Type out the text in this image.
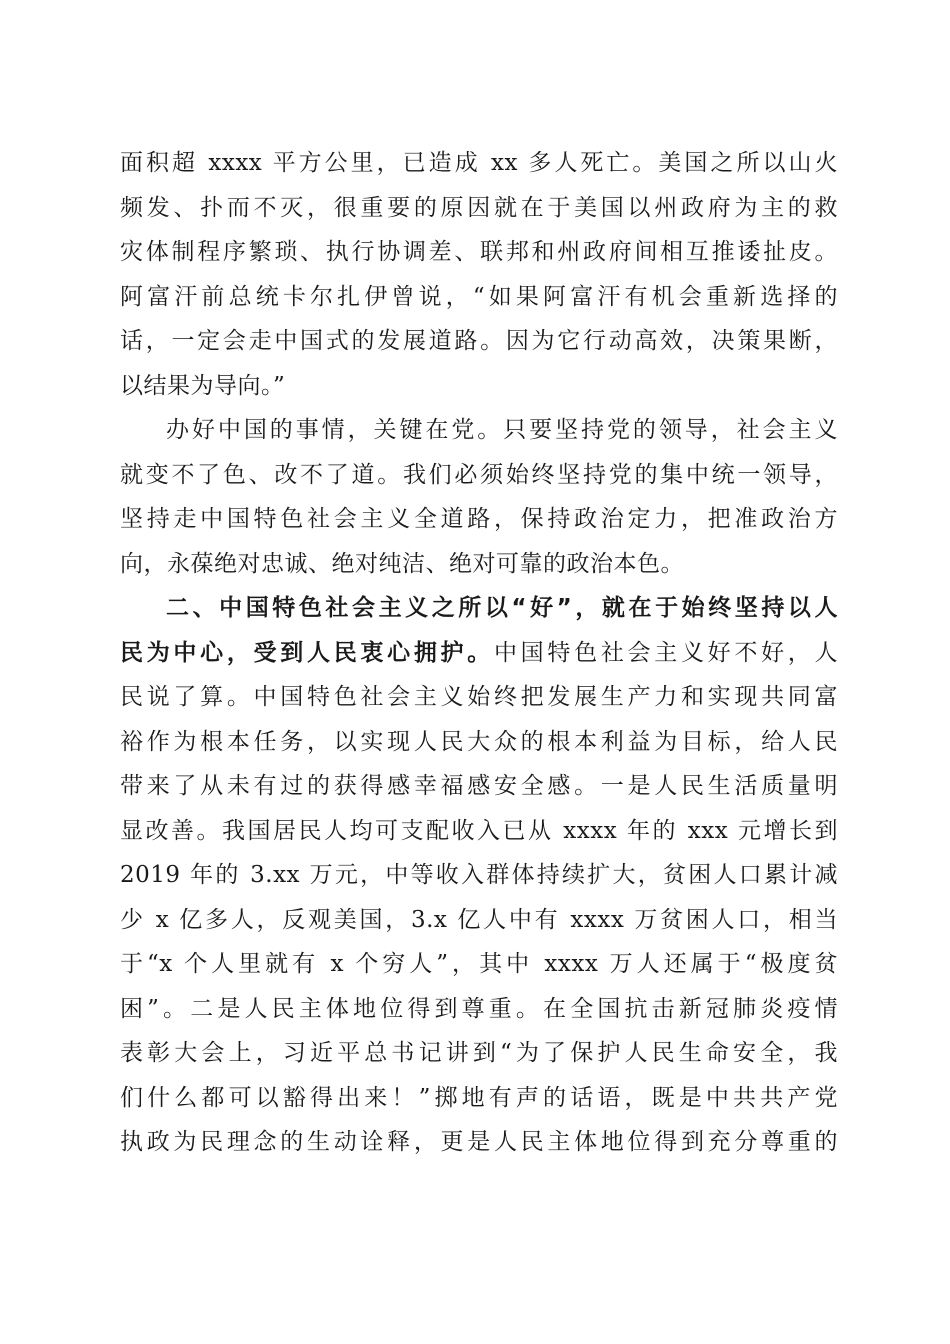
面积超 xxxx 平方公里，已造成 xx 多人死亡。美国之所以山火
频发、扑而不灭，很重要的原因就在于美国以州政府为主的救
灾体制程序繁琐、执行协调差、联邦和州政府间相互推诿扯皮。
阿富汗前总统卡尔扎伊曾说，“如果阿富汗有机会重新选择的
话，一定会走中国式的发展道路。因为它行动高效，决策果断，
以结果为导向。”
办好中国的事情，关键在党。只要坚持党的领导，社会主义
就变不了色、改不了道。我们必须始终坚持党的集中统一领导，
坚持走中国特色社会主义全道路，保持政治定力，把准政治方
向，永葆绝对忠诚、绝对纯洁、绝对可靠的政治本色。
二、中国特色社会主义之所以“好”，就在于始终坚持以人
民为中心，受到人民衷心拥护。中国特色社会主义好不好，人
民说了算。中国特色社会主义始终把发展生产力和实现共同富
裕作为根本任务，以实现人民大众的根本利益为目标，给人民
带来了从未有过的获得感幸福感安全感。一是人民生活质量明
显改善。我国居民人均可支配收入已从 xxxx 年的 xxx 元增长到
2019 年的 3.xx 万元，中等收入群体持续扩大，贫困人口累计减
少 x 亿多人，反观美国，3.x 亿人中有 xxxx 万贫困人口，相当
于“x 个人里就有 x 个穷人”，其中 xxxx 万人还属于“极度贫
困”。二是人民主体地位得到尊重。在全国抗击新冠肺炎疫情
表彰大会上，习近平总书记讲到“为了保护人民生命安全，我
们什么都可以豁得出来！”掷地有声的话语，既是中共共产党
执政为民理念的生动诠释，更是人民主体地位得到充分尊重的
